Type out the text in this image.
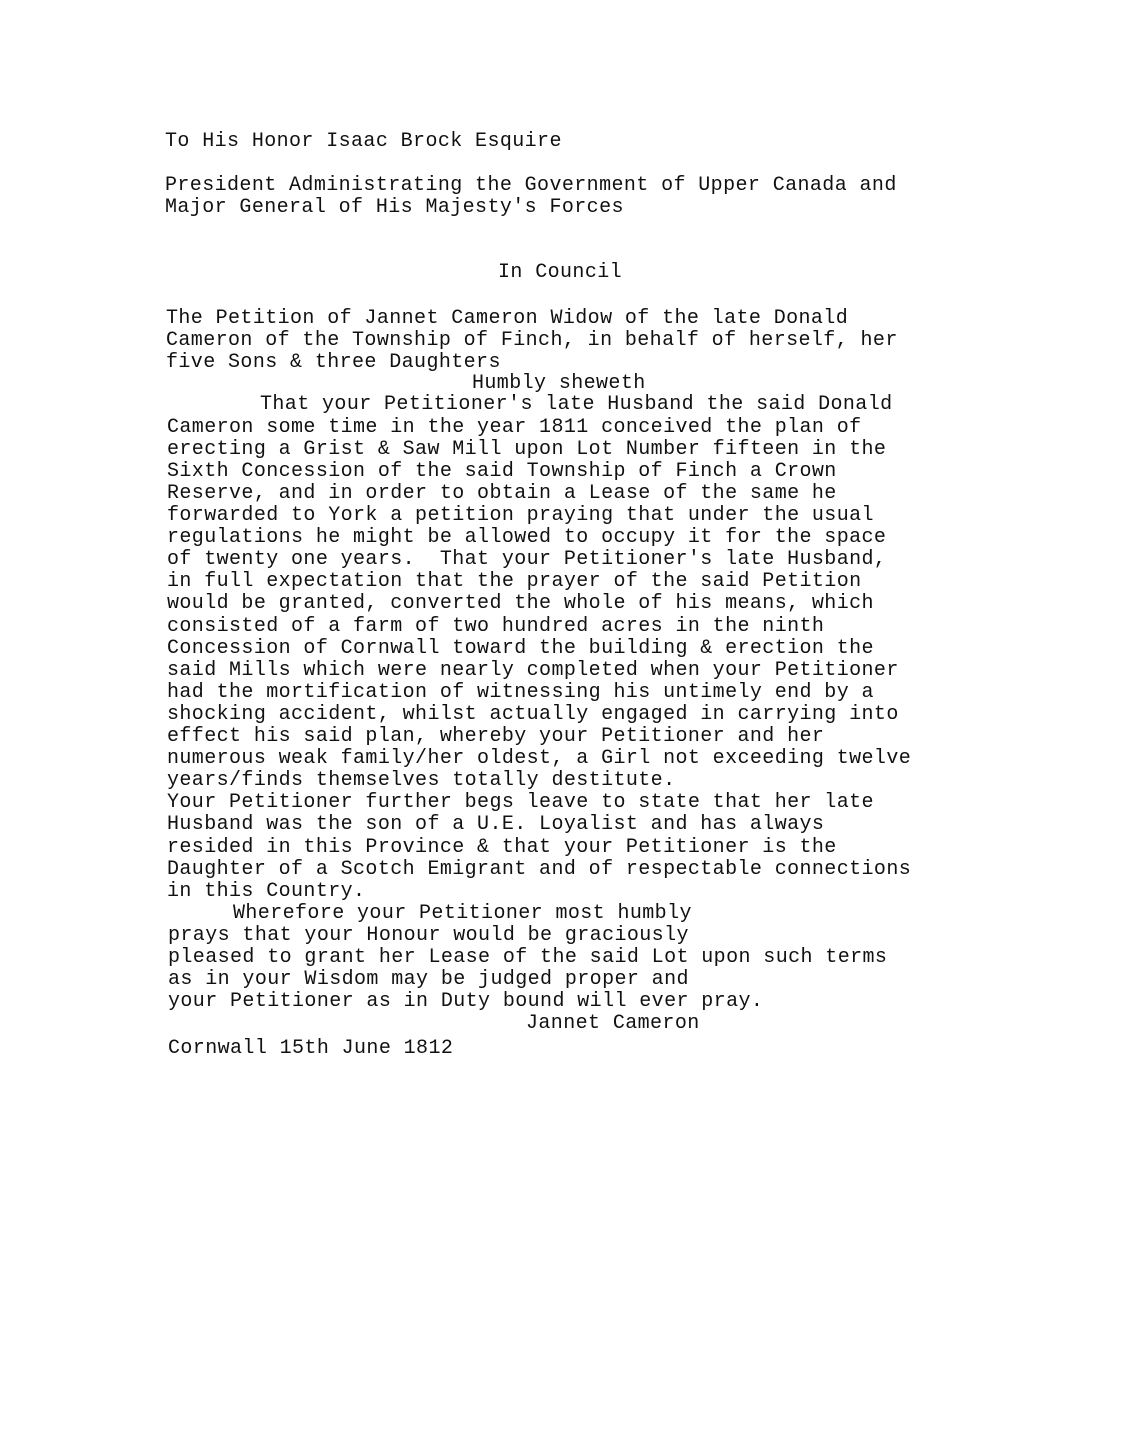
To His Honor Isaac Brock Esquire
President Administrating the Government of Upper Canada and
Major General of His Majesty's Forces
In Council
The Petition of Jannet Cameron Widow of the late Donald
Cameron of the Township of Finch, in behalf of herself, her
five Sons & three Daughters
Humbly sheweth
That your Petitioner's late Husband the said Donald
Cameron some time in the year 1811 conceived the plan of
erecting a Grist & Saw Mill upon Lot Number fifteen in the
Sixth Concession of the said Township of Finch a Crown
Reserve, and in order to obtain a Lease of the same he
forwarded to York a petition praying that under the usual
regulations he might be allowed to occupy it for the space
of twenty one years.  That your Petitioner's late Husband,
in full expectation that the prayer of the said Petition
would be granted, converted the whole of his means, which
consisted of a farm of two hundred acres in the ninth
Concession of Cornwall toward the building & erection the
said Mills which were nearly completed when your Petitioner
had the mortification of witnessing his untimely end by a
shocking accident, whilst actually engaged in carrying into
effect his said plan, whereby your Petitioner and her
numerous weak family/her oldest, a Girl not exceeding twelve
years/finds themselves totally destitute.
Your Petitioner further begs leave to state that her late
Husband was the son of a U.E. Loyalist and has always
resided in this Province & that your Petitioner is the
Daughter of a Scotch Emigrant and of respectable connections
in this Country.
Wherefore your Petitioner most humbly
prays that your Honour would be graciously
pleased to grant her Lease of the said Lot upon such terms
as in your Wisdom may be judged proper and
your Petitioner as in Duty bound will ever pray.
Jannet Cameron
Cornwall 15th June 1812
